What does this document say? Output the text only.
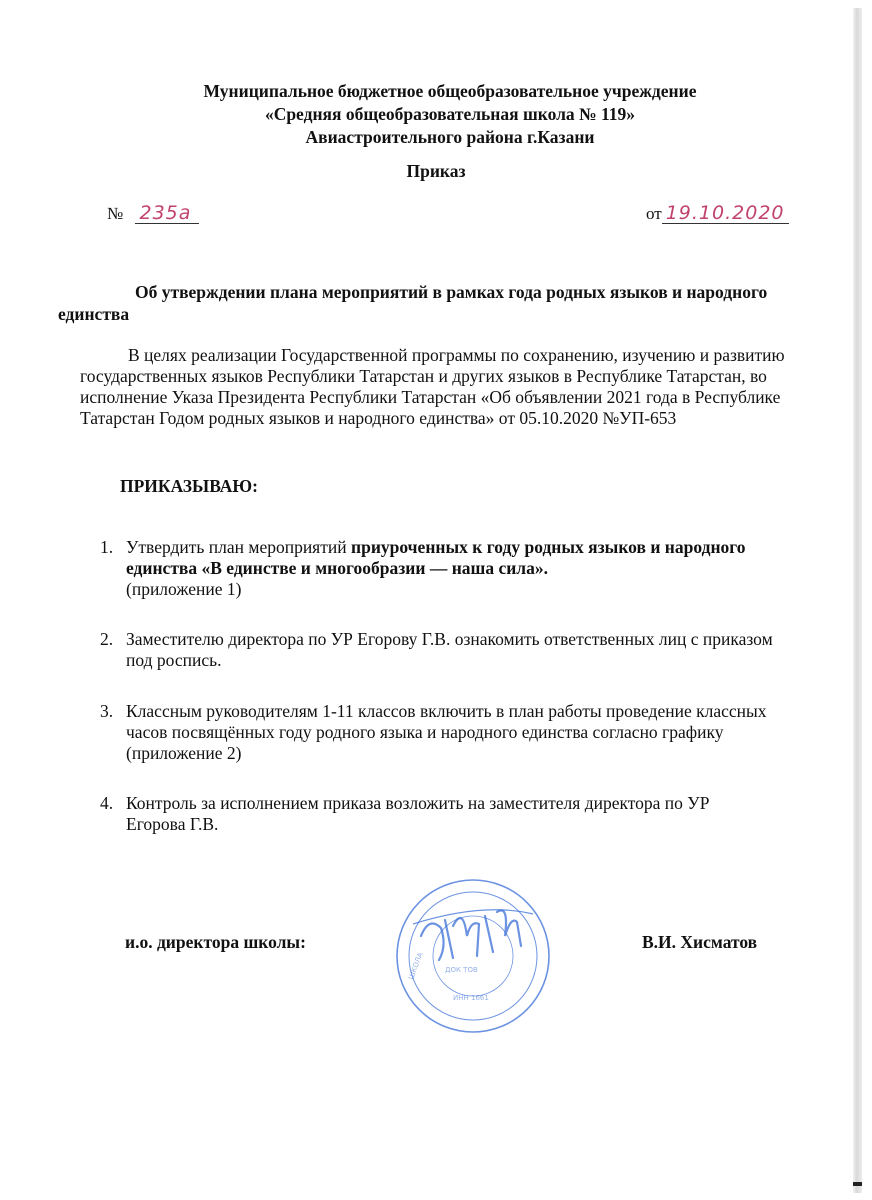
Муниципальное бюджетное общеобразовательное учреждение
«Средняя общеобразовательная школа № 119»
Авиастроительного района г.Казани
Приказ
№ 235а	от 19.10.2020
Об утверждении плана мероприятий в рамках года родных языков и народного единства
В целях реализации Государственной программы по сохранению, изучению и развитию государственных языков Республики Татарстан и других языков в Республике Татарстан, во исполнение Указа Президента Республики Татарстан «Об объявлении 2021 года в Республике Татарстан Годом родных языков и народного единства» от 05.10.2020 №УП-653
ПРИКАЗЫВАЮ:
1. Утвердить план мероприятий приуроченных к году родных языков и народного единства «В единстве и многообразии — наша сила».
(приложение 1)
2. Заместителю директора по УР Егорову Г.В. ознакомить ответственных лиц с приказом под роспись.
3. Классным руководителям 1-11 классов включить в план работы проведение классных часов посвящённых году родного языка и народного единства согласно графику (приложение 2)
4. Контроль за исполнением приказа возложить на заместителя директора по УР Егорова Г.В.
и.о. директора школы:	В.И. Хисматов
ДОК ТОВ
ИНН 1661
ШКОЛА
